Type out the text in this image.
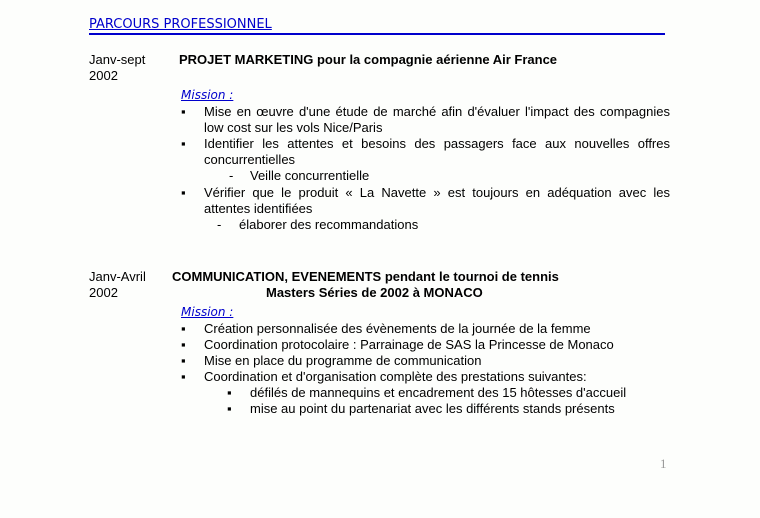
PARCOURS PROFESSIONNEL
Janv-sept
2002
PROJET MARKETING pour la compagnie aérienne Air France
Mission :
▪ Mise en œuvre d'une étude de marché afin d'évaluer l'impact des compagnies low cost sur les vols Nice/Paris
▪ Identifier les attentes et besoins des passagers face aux nouvelles offres concurrentielles
- Veille concurrentielle
▪ Vérifier que le produit « La Navette » est toujours en adéquation avec les attentes identifiées
- élaborer des recommandations
Janv-Avril
2002
COMMUNICATION, EVENEMENTS pendant le tournoi de tennis
Masters Séries de 2002 à MONACO
Mission :
▪ Création personnalisée des évènements de la journée de la femme
▪ Coordination protocolaire : Parrainage de SAS la Princesse de Monaco
▪ Mise en place du programme de communication
▪ Coordination et d'organisation complète des prestations suivantes:
▪ défilés de mannequins et encadrement des 15 hôtesses d'accueil
▪ mise au point du partenariat avec les différents stands présents
1
